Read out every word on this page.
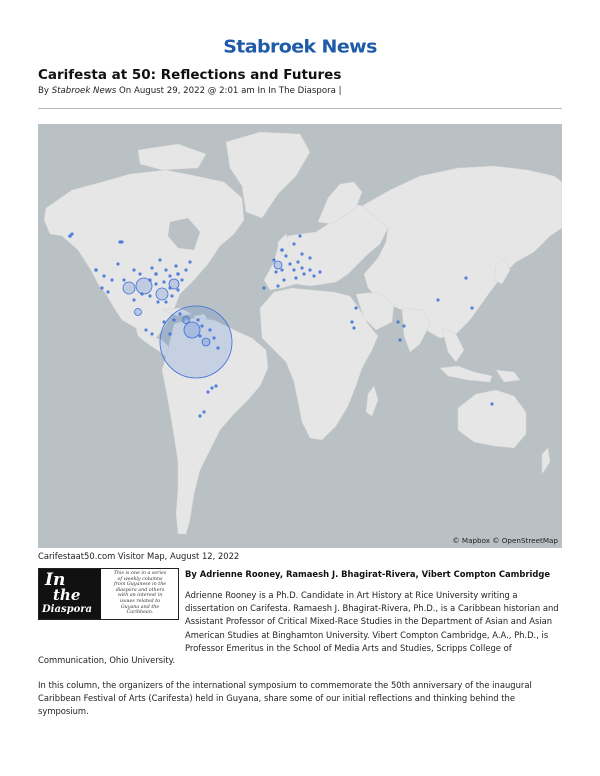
Stabroek News
Carifesta at 50: Reflections and Futures
By Stabroek News On August 29, 2022 @ 2:01 am In In The Diaspora |
© Mapbox © OpenStreetMap
Carifestaat50.com Visitor Map, August 12, 2022
In
the
Diaspora
This is one in a series
of weekly columns
from Guyanese in the
diaspora and others
with an interest in
issues related to
Guyana and the
Caribbean.
By Adrienne Rooney, Ramaesh J. Bhagirat-Rivera, Vibert Compton Cambridge
Adrienne Rooney is a Ph.D. Candidate in Art History at Rice University writing a dissertation on Carifesta. Ramaesh J. Bhagirat-Rivera, Ph.D., is a Caribbean historian and Assistant Professor of Critical Mixed-Race Studies in the Department of Asian and Asian American Studies at Binghamton University. Vibert Compton Cambridge, A.A., Ph.D., is Professor Emeritus in the School of Media Arts and Studies, Scripps College of
Communication, Ohio University.
In this column, the organizers of the international symposium to commemorate the 50th anniversary of the inaugural Caribbean Festival of Arts (Carifesta) held in Guyana, share some of our initial reflections and thinking behind the symposium.
